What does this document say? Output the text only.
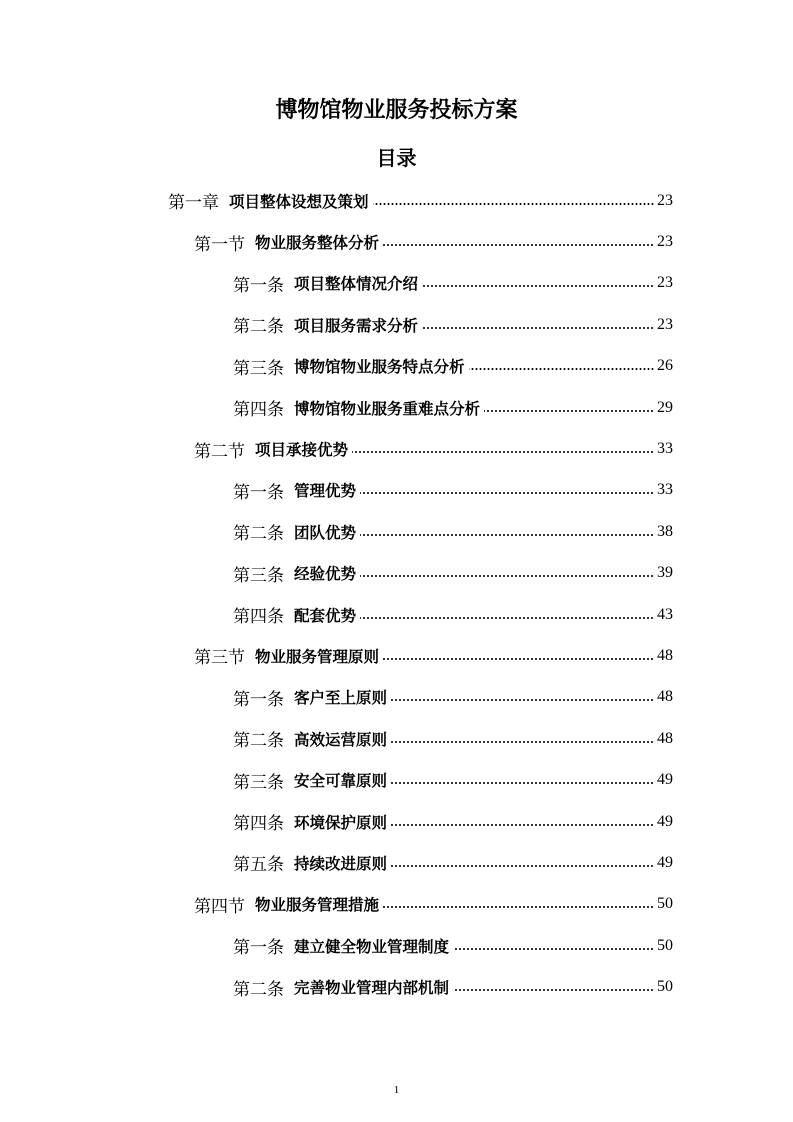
博物馆物业服务投标方案
目录
第一章 项目整体设想及策划	23
第一节 物业服务整体分析	23
第一条 项目整体情况介绍	23
第二条 项目服务需求分析	23
第三条 博物馆物业服务特点分析	26
第四条 博物馆物业服务重难点分析	29
第二节 项目承接优势	33
第一条 管理优势	33
第二条 团队优势	38
第三条 经验优势	39
第四条 配套优势	43
第三节 物业服务管理原则	48
第一条 客户至上原则	48
第二条 高效运营原则	48
第三条 安全可靠原则	49
第四条 环境保护原则	49
第五条 持续改进原则	49
第四节 物业服务管理措施	50
第一条 建立健全物业管理制度	50
第二条 完善物业管理内部机制	50
1
